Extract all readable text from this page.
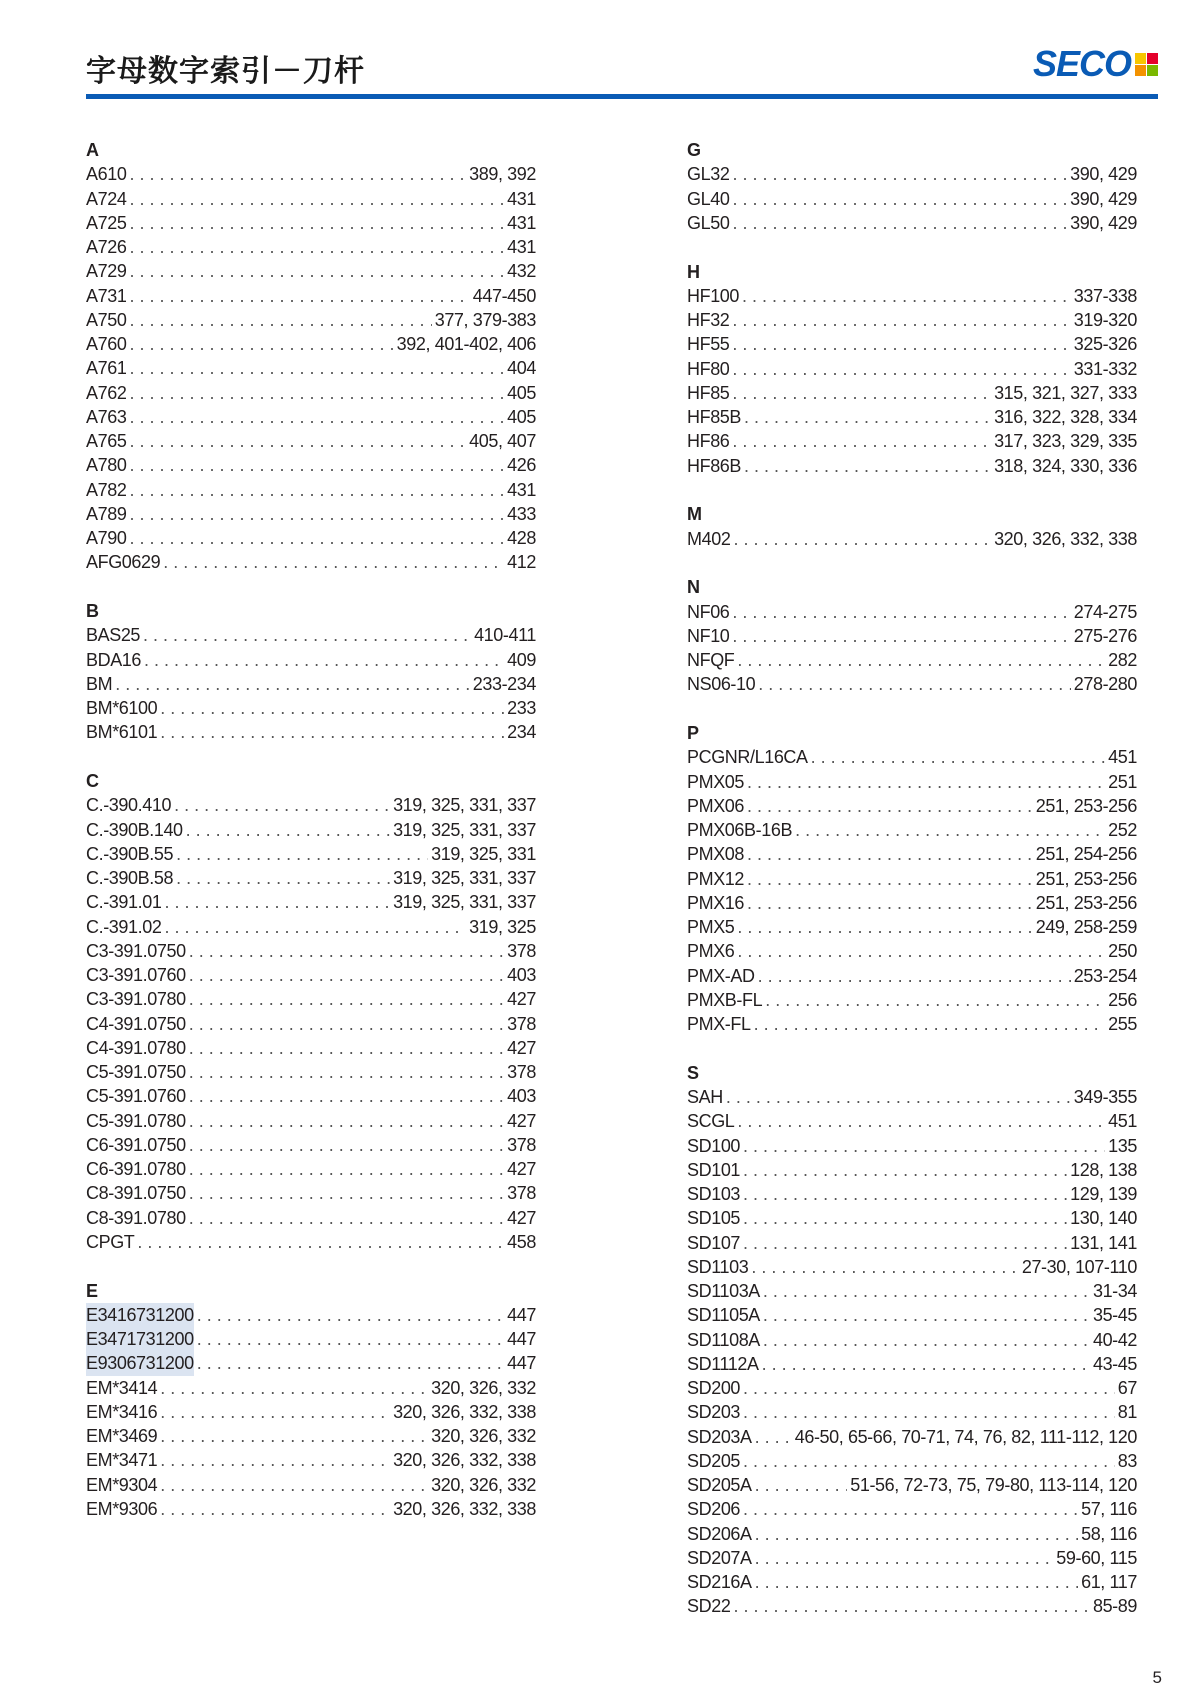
字母数字索引－刀杆	SECO
A
A610 . . .	389, 392
A724 . . .	431
A725 . . .	431
A726 . . .	431
A729 . . .	432
A731 . . .	447-450
A750 . . .	377, 379-383
A760 . . .	392, 401-402, 406
A761 . . .	404
A762 . . .	405
A763 . . .	405
A765 . . .	405, 407
A780 . . .	426
A782 . . .	431
A789 . . .	433
A790 . . .	428
AFG0629 . . .	412
B
BAS25 . . .	410-411
BDA16 . . .	409
BM . . .	233-234
BM*6100 . . .	233
BM*6101 . . .	234
C
C.-390.410 . . .	319, 325, 331, 337
C.-390B.140 . . .	319, 325, 331, 337
C.-390B.55 . . .	319, 325, 331
C.-390B.58 . . .	319, 325, 331, 337
C.-391.01 . . .	319, 325, 331, 337
C.-391.02 . . .	319, 325
C3-391.0750 . . .	378
C3-391.0760 . . .	403
C3-391.0780 . . .	427
C4-391.0750 . . .	378
C4-391.0780 . . .	427
C5-391.0750 . . .	378
C5-391.0760 . . .	403
C5-391.0780 . . .	427
C6-391.0750 . . .	378
C6-391.0780 . . .	427
C8-391.0750 . . .	378
C8-391.0780 . . .	427
CPGT . . .	458
E
E3416731200 . . .	447
E3471731200 . . .	447
E9306731200 . . .	447
EM*3414 . . .	320, 326, 332
EM*3416 . . .	320, 326, 332, 338
EM*3469 . . .	320, 326, 332
EM*3471 . . .	320, 326, 332, 338
EM*9304 . . .	320, 326, 332
EM*9306 . . .	320, 326, 332, 338
G
GL32 . . .	390, 429
GL40 . . .	390, 429
GL50 . . .	390, 429
H
HF100 . . .	337-338
HF32 . . .	319-320
HF55 . . .	325-326
HF80 . . .	331-332
HF85 . . .	315, 321, 327, 333
HF85B . . .	316, 322, 328, 334
HF86 . . .	317, 323, 329, 335
HF86B . . .	318, 324, 330, 336
M
M402 . . .	320, 326, 332, 338
N
NF06 . . .	274-275
NF10 . . .	275-276
NFQF . . .	282
NS06-10 . . .	278-280
P
PCGNR/L16CA . . .	451
PMX05 . . .	251
PMX06 . . .	251, 253-256
PMX06B-16B . . .	252
PMX08 . . .	251, 254-256
PMX12 . . .	251, 253-256
PMX16 . . .	251, 253-256
PMX5 . . .	249, 258-259
PMX6 . . .	250
PMX-AD . . .	253-254
PMXB-FL . . .	256
PMX-FL . . .	255
S
SAH . . .	349-355
SCGL . . .	451
SD100 . . .	135
SD101 . . .	128, 138
SD103 . . .	129, 139
SD105 . . .	130, 140
SD107 . . .	131, 141
SD1103 . . .	27-30, 107-110
SD1103A . . .	31-34
SD1105A . . .	35-45
SD1108A . . .	40-42
SD1112A . . .	43-45
SD200 . . .	67
SD203 . . .	81
SD203A . . . 46-50, 65-66, 70-71, 74, 76, 82, 111-112, 120
SD205 . . .	83
SD205A . . .	51-56, 72-73, 75, 79-80, 113-114, 120
SD206 . . .	57, 116
SD206A . . .	58, 116
SD207A . . .	59-60, 115
SD216A . . .	61, 117
SD22 . . .	85-89
5
